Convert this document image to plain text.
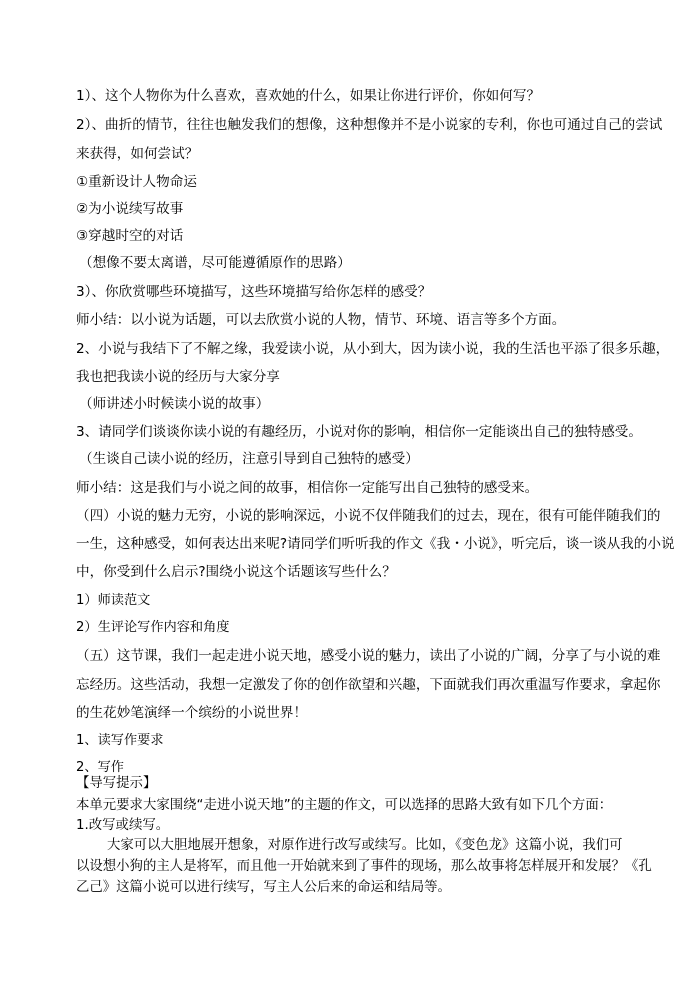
1）、这个人物你为什么喜欢，喜欢她的什么，如果让你进行评价，你如何写？
2）、曲折的情节，往往也触发我们的想像，这种想像并不是小说家的专利，你也可通过自己的尝试
来获得，如何尝试？
①重新设计人物命运
②为小说续写故事
③穿越时空的对话
（想像不要太离谱，尽可能遵循原作的思路）
3）、你欣赏哪些环境描写，这些环境描写给你怎样的感受？
师小结：以小说为话题，可以去欣赏小说的人物，情节、环境、语言等多个方面。
2、小说与我结下了不解之缘，我爱读小说，从小到大，因为读小说，我的生活也平添了很多乐趣，
我也把我读小说的经历与大家分享
（师讲述小时候读小说的故事）
3、请同学们谈谈你读小说的有趣经历，小说对你的影响，相信你一定能谈出自己的独特感受。
（生谈自己读小说的经历，注意引导到自己独特的感受）
师小结：这是我们与小说之间的故事，相信你一定能写出自己独特的感受来。
（四）小说的魅力无穷，小说的影响深远，小说不仅伴随我们的过去，现在，很有可能伴随我们的
一生，这种感受，如何表达出来呢?请同学们听听我的作文《我・小说》，听完后，谈一谈从我的小说
中，你受到什么启示?围绕小说这个话题该写些什么？
1）师读范文
2）生评论写作内容和角度
（五）这节课，我们一起走进小说天地，感受小说的魅力，读出了小说的广阔，分享了与小说的难
忘经历。这些活动，我想一定激发了你的创作欲望和兴趣，下面就我们再次重温写作要求，拿起你
的生花妙笔演绎一个缤纷的小说世界！
1、读写作要求
2、写作
【导写提示】
本单元要求大家围绕“走进小说天地”的主题的作文，可以选择的思路大致有如下几个方面：
1.改写或续写。
大家可以大胆地展开想象，对原作进行改写或续写。比如，《变色龙》这篇小说，我们可
以设想小狗的主人是将军，而且他一开始就来到了事件的现场，那么故事将怎样展开和发展？《孔
乙己》这篇小说可以进行续写，写主人公后来的命运和结局等。
